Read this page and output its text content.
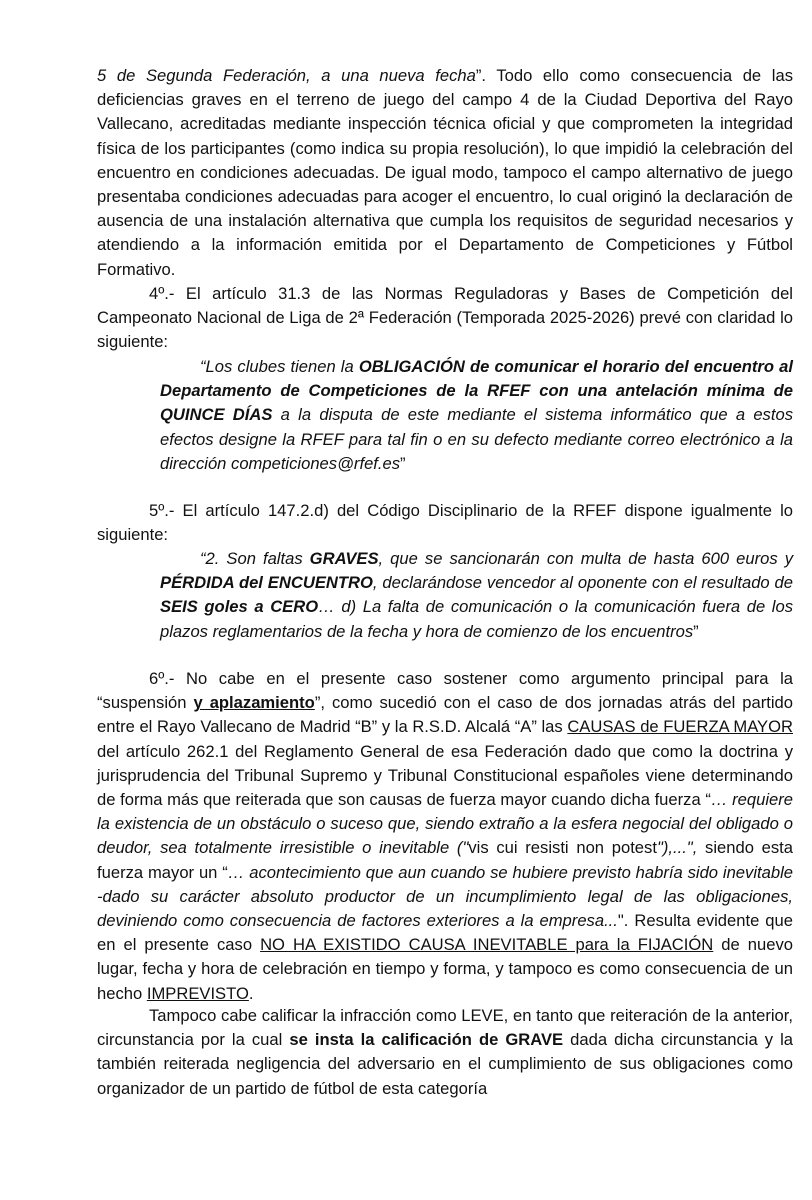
5 de Segunda Federación, a una nueva fecha”. Todo ello como consecuencia de las deficiencias graves en el terreno de juego del campo 4 de la Ciudad Deportiva del Rayo Vallecano, acreditadas mediante inspección técnica oficial y que comprometen la integridad física de los participantes (como indica su propia resolución), lo que impidió la celebración del encuentro en condiciones adecuadas. De igual modo, tampoco el campo alternativo de juego presentaba condiciones adecuadas para acoger el encuentro, lo cual originó la declaración de ausencia de una instalación alternativa que cumpla los requisitos de seguridad necesarios y atendiendo a la información emitida por el Departamento de Competiciones y Fútbol Formativo.

4º.- El artículo 31.3 de las Normas Reguladoras y Bases de Competición del Campeonato Nacional de Liga de 2ª Federación (Temporada 2025-2026) prevé con claridad lo siguiente:

“Los clubes tienen la OBLIGACIÓN de comunicar el horario del encuentro al Departamento de Competiciones de la RFEF con una antelación mínima de QUINCE DÍAS a la disputa de este mediante el sistema informático que a estos efectos designe la RFEF para tal fin o en su defecto mediante correo electrónico a la dirección competiciones@rfef.es”

5º.- El artículo 147.2.d) del Código Disciplinario de la RFEF dispone igualmente lo siguiente:

“2. Son faltas GRAVES, que se sancionarán con multa de hasta 600 euros y PÉRDIDA del ENCUENTRO, declarándose vencedor al oponente con el resultado de SEIS goles a CERO… d) La falta de comunicación o la comunicación fuera de los plazos reglamentarios de la fecha y hora de comienzo de los encuentros”

6º.- No cabe en el presente caso sostener como argumento principal para la “suspensión y aplazamiento”, como sucedió con el caso de dos jornadas atrás del partido entre el Rayo Vallecano de Madrid “B” y la R.S.D. Alcalá “A” las CAUSAS de FUERZA MAYOR del artículo 262.1 del Reglamento General de esa Federación dado que como la doctrina y jurisprudencia del Tribunal Supremo y Tribunal Constitucional españoles viene determinando de forma más que reiterada que son causas de fuerza mayor cuando dicha fuerza “… requiere la existencia de un obstáculo o suceso que, siendo extraño a la esfera negocial del obligado o deudor, sea totalmente irresistible o inevitable ("vis cui resisti non potest"),...", siendo esta fuerza mayor un “… acontecimiento que aun cuando se hubiere previsto habría sido inevitable -dado su carácter absoluto productor de un incumplimiento legal de las obligaciones, deviniendo como consecuencia de factores exteriores a la empresa...". Resulta evidente que en el presente caso NO HA EXISTIDO CAUSA INEVITABLE para la FIJACIÓN de nuevo lugar, fecha y hora de celebración en tiempo y forma, y tampoco es como consecuencia de un hecho IMPREVISTO.

Tampoco cabe calificar la infracción como LEVE, en tanto que reiteración de la anterior, circunstancia por la cual se insta la calificación de GRAVE dada dicha circunstancia y la también reiterada negligencia del adversario en el cumplimiento de sus obligaciones como organizador de un partido de fútbol de esta categoría
